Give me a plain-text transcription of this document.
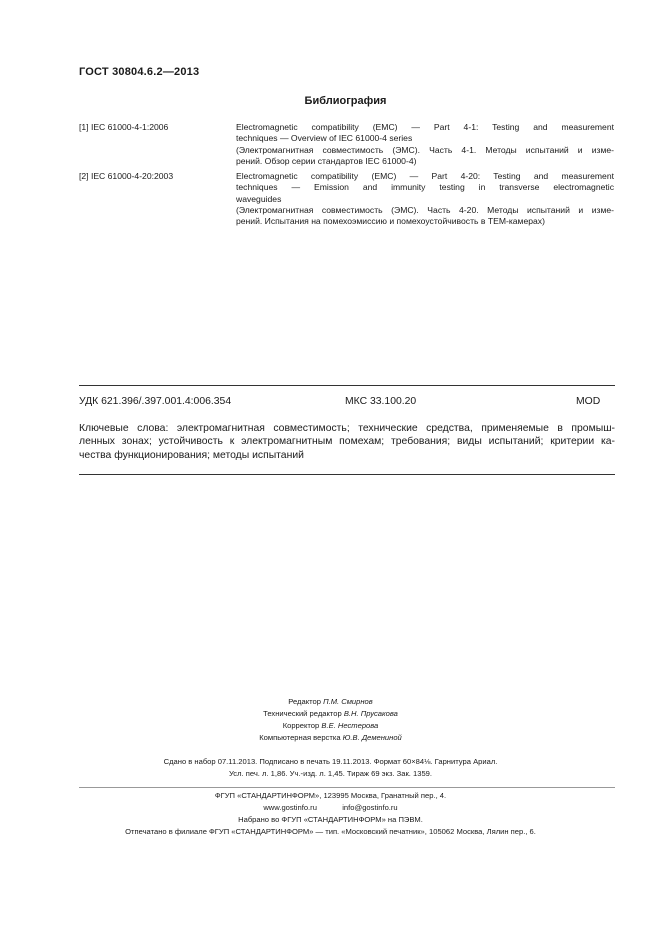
ГОСТ 30804.6.2—2013
Библиография
[1] IEC 61000-4-1:2006	Electromagnetic compatibility (EMC) — Part 4-1: Testing and measurement
techniques — Overview of IEC 61000-4 series
(Электромагнитная совместимость (ЭМС). Часть 4-1. Методы испытаний и изме-
рений. Обзор серии стандартов IEC 61000-4)
[2] IEC 61000-4-20:2003	Electromagnetic compatibility (EMC) — Part 4-20: Testing and measurement
techniques — Emission and immunity testing in transverse electromagnetic
waveguides
(Электромагнитная совместимость (ЭМС). Часть 4-20. Методы испытаний и изме-
рений. Испытания на помехоэмиссию и помехоустойчивость в ТЕМ-камерах)
УДК 621.396/.397.001.4:006.354	МКС 33.100.20	MOD
Ключевые слова: электромагнитная совместимость; технические средства, применяемые в промыш-
ленных зонах; устойчивость к электромагнитным помехам; требования; виды испытаний; критерии ка-
чества функционирования; методы испытаний
Редактор П.М. Смирнов
Технический редактор В.Н. Прусакова
Корректор В.Е. Нестерова
Компьютерная верстка Ю.В. Демениной
Сдано в набор 07.11.2013. Подписано в печать 19.11.2013. Формат 60×84⅛. Гарнитура Ариал.
Усл. печ. л. 1,86. Уч.-изд. л. 1,45. Тираж 69 экз. Зак. 1359.
ФГУП «СТАНДАРТИНФОРМ», 123995 Москва, Гранатный пер., 4.
www.gostinfo.ru	info@gostinfo.ru
Набрано во ФГУП «СТАНДАРТИНФОРМ» на ПЭВМ.
Отпечатано в филиале ФГУП «СТАНДАРТИНФОРМ» — тип. «Московский печатник», 105062 Москва, Лялин пер., 6.
